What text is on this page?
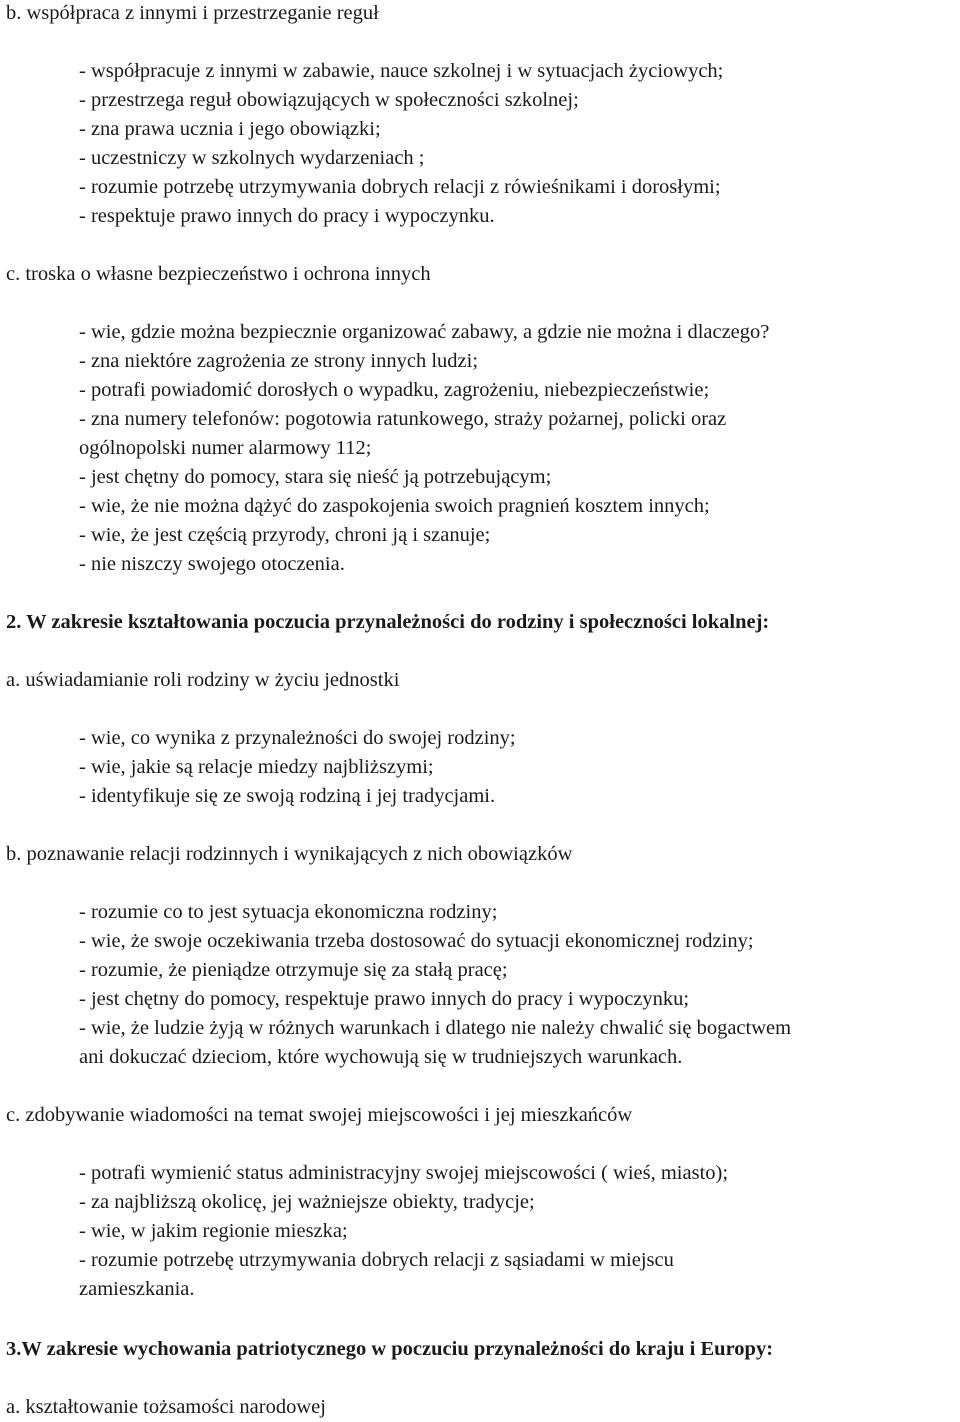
b. współpraca z innymi i przestrzeganie reguł
- współpracuje z innymi w zabawie, nauce szkolnej i w sytuacjach życiowych;
- przestrzega reguł obowiązujących w społeczności szkolnej;
- zna prawa ucznia i jego obowiązki;
- uczestniczy w szkolnych wydarzeniach ;
- rozumie potrzebę utrzymywania dobrych relacji z rówieśnikami i dorosłymi;
- respektuje prawo innych do pracy i wypoczynku.
c. troska o własne bezpieczeństwo i ochrona innych
- wie, gdzie można bezpiecznie organizować zabawy, a gdzie nie można i dlaczego?
- zna niektóre zagrożenia ze strony innych ludzi;
- potrafi powiadomić dorosłych o wypadku, zagrożeniu, niebezpieczeństwie;
- zna numery telefonów: pogotowia ratunkowego, straży pożarnej, policki oraz
ogólnopolski numer alarmowy 112;
- jest chętny do pomocy, stara się nieść ją potrzebującym;
- wie, że nie można dążyć do zaspokojenia swoich pragnień kosztem innych;
- wie, że jest częścią przyrody, chroni ją i szanuje;
- nie niszczy swojego otoczenia.
2. W zakresie kształtowania poczucia przynależności do rodziny i społeczności lokalnej:
a. uświadamianie roli rodziny w życiu jednostki
- wie, co wynika z przynależności do swojej rodziny;
- wie, jakie są relacje miedzy najbliższymi;
- identyfikuje się ze swoją rodziną i jej tradycjami.
b. poznawanie relacji rodzinnych i wynikających z nich obowiązków
- rozumie co to jest sytuacja ekonomiczna rodziny;
- wie, że swoje oczekiwania trzeba dostosować do sytuacji ekonomicznej rodziny;
- rozumie, że pieniądze otrzymuje się za stałą pracę;
- jest chętny do pomocy, respektuje prawo innych do pracy i wypoczynku;
- wie, że ludzie żyją w różnych warunkach i dlatego nie należy chwalić się bogactwem
ani dokuczać dzieciom, które wychowują się w trudniejszych warunkach.
c. zdobywanie wiadomości na temat swojej miejscowości i jej mieszkańców
- potrafi wymienić status administracyjny swojej miejscowości ( wieś, miasto);
- za najbliższą okolicę, jej ważniejsze obiekty, tradycje;
- wie, w jakim regionie mieszka;
- rozumie potrzebę utrzymywania dobrych relacji z sąsiadami w miejscu
zamieszkania.
3.W zakresie wychowania patriotycznego w poczuciu przynależności do kraju i Europy:
a. kształtowanie tożsamości narodowej
